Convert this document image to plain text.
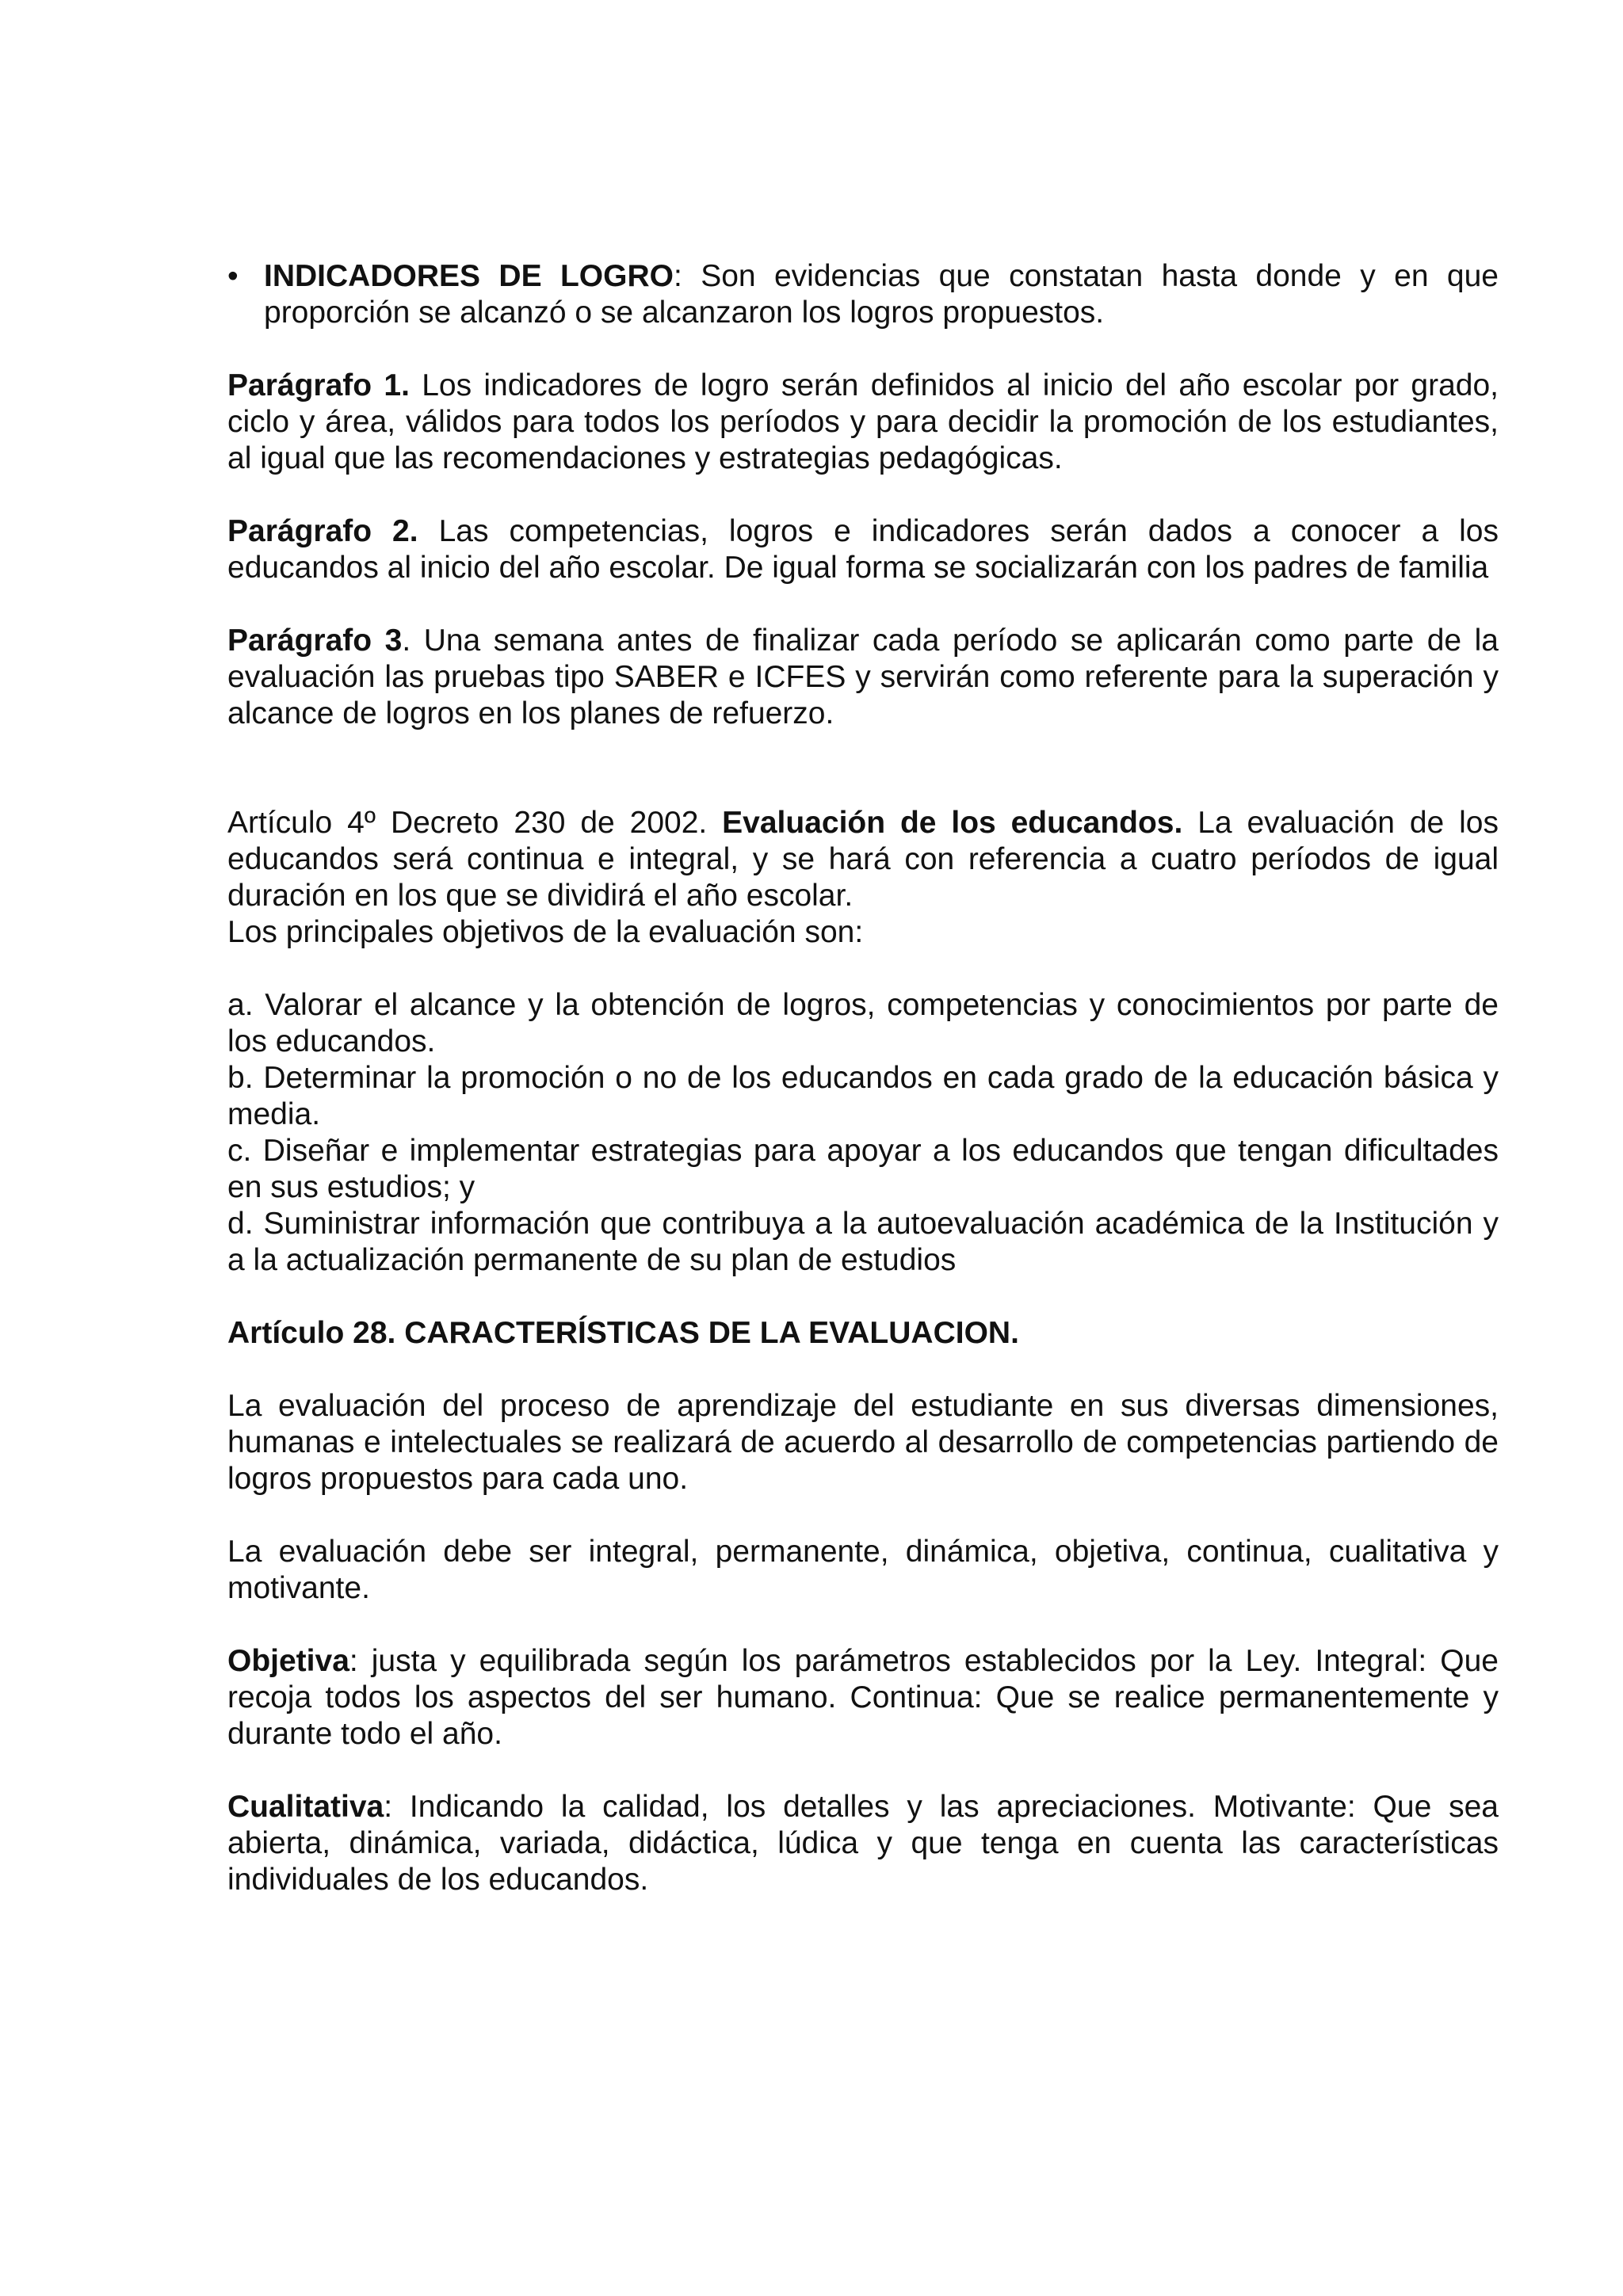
• INDICADORES DE LOGRO: Son evidencias que constatan hasta donde y en que proporción se alcanzó o se alcanzaron los logros propuestos.

Parágrafo 1. Los indicadores de logro serán definidos al inicio del año escolar por grado, ciclo y área, válidos para todos los períodos y para decidir la promoción de los estudiantes, al igual que las recomendaciones y estrategias pedagógicas.

Parágrafo 2. Las competencias, logros e indicadores serán dados a conocer a los educandos al inicio del año escolar. De igual forma se socializarán con los padres de familia

Parágrafo 3. Una semana antes de finalizar cada período se aplicarán como parte de la evaluación las pruebas tipo SABER e ICFES y servirán como referente para la superación y alcance de logros en los planes de refuerzo.

Artículo 4º Decreto 230 de 2002. Evaluación de los educandos. La evaluación de los educandos será continua e integral, y se hará con referencia a cuatro períodos de igual duración en los que se dividirá el año escolar.

Los principales objetivos de la evaluación son:

a. Valorar el alcance y la obtención de logros, competencias y conocimientos por parte de los educandos.

b. Determinar la promoción o no de los educandos en cada grado de la educación básica y media.

c. Diseñar e implementar estrategias para apoyar a los educandos que tengan dificultades en sus estudios; y

d. Suministrar información que contribuya a la autoevaluación académica de la Institución y a la actualización permanente de su plan de estudios

Artículo 28. CARACTERÍSTICAS DE LA EVALUACION.

La evaluación del proceso de aprendizaje del estudiante en sus diversas dimensiones, humanas e intelectuales se realizará de acuerdo al desarrollo de competencias partiendo de logros propuestos para cada uno.

La evaluación debe ser integral, permanente, dinámica, objetiva, continua, cualitativa y motivante.

Objetiva: justa y equilibrada según los parámetros establecidos por la Ley. Integral: Que recoja todos los aspectos del ser humano. Continua: Que se realice permanentemente y durante todo el año.

Cualitativa: Indicando la calidad, los detalles y las apreciaciones. Motivante: Que sea abierta, dinámica, variada, didáctica, lúdica y que tenga en cuenta las características individuales de los educandos.
